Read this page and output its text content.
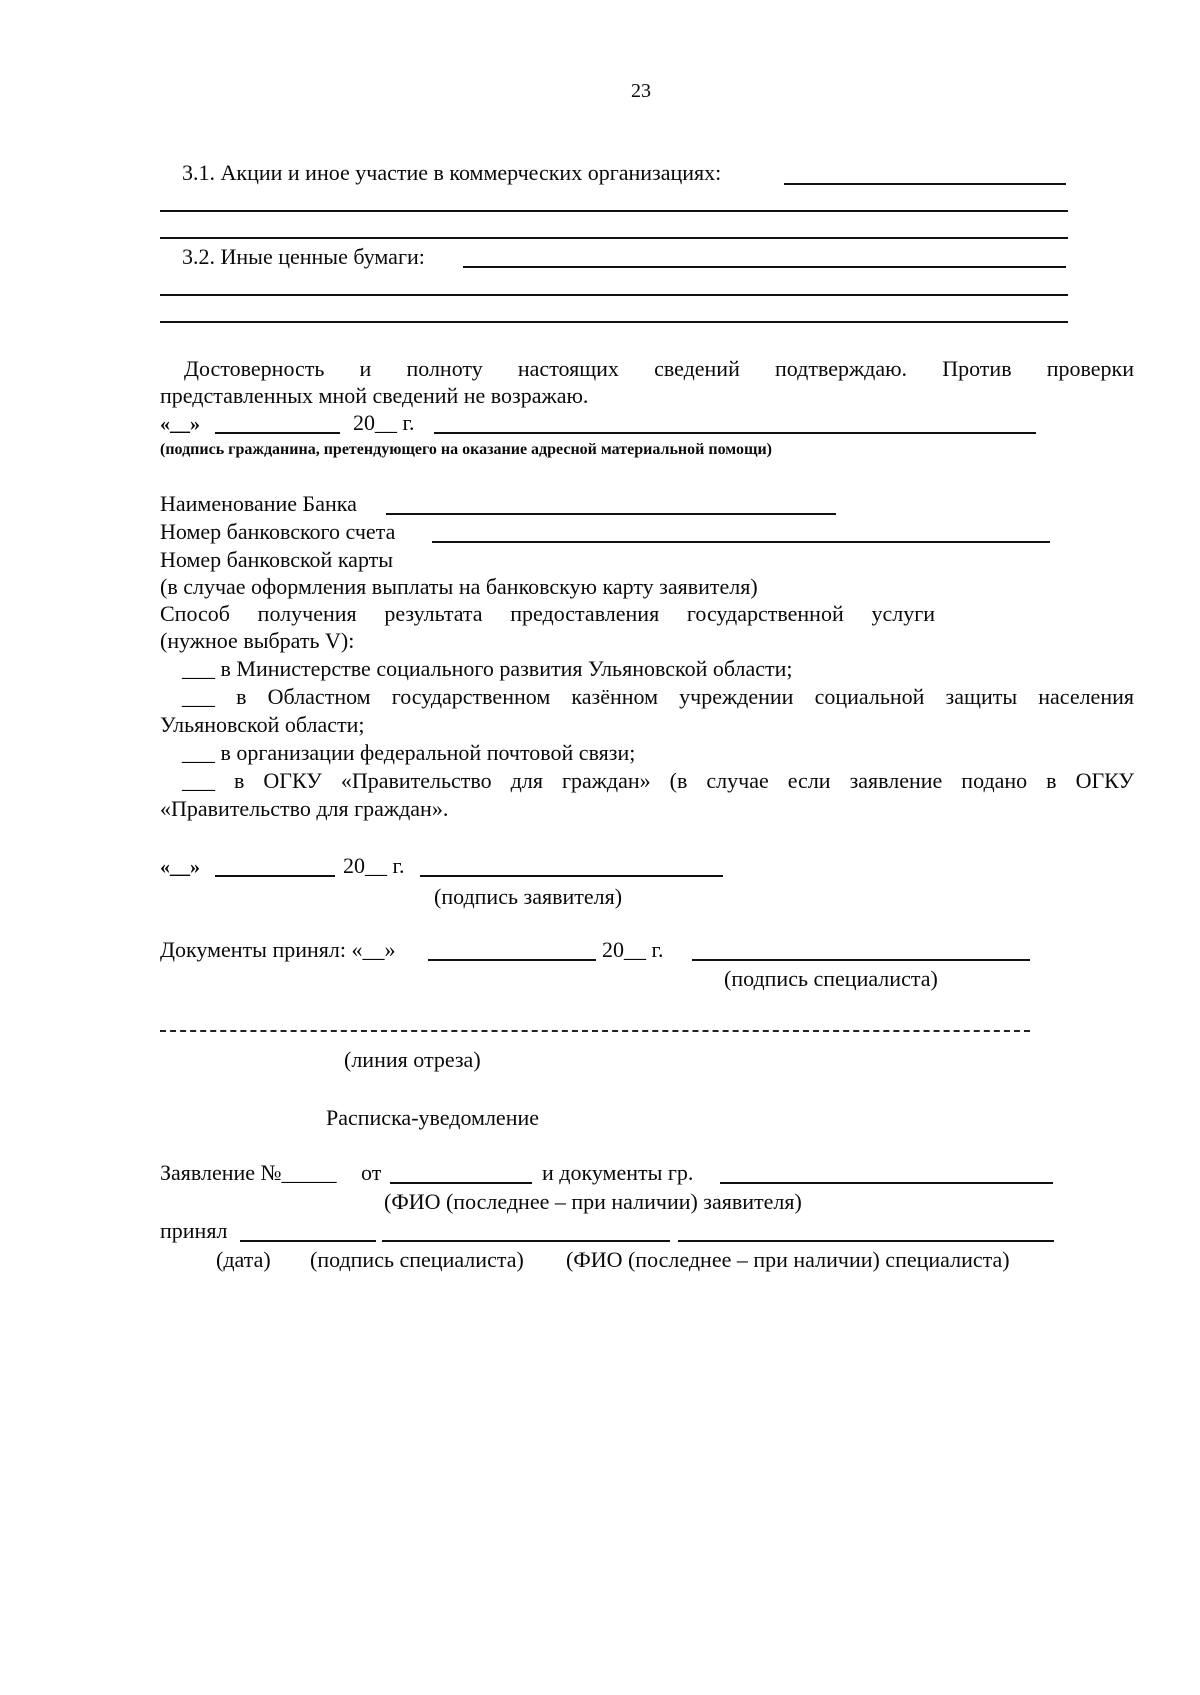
23
3.1. Акции и иное участие в коммерческих организациях:
3.2. Иные ценные бумаги:
Достоверность и полноту настоящих сведений подтверждаю. Против проверки
представленных мной сведений не возражаю.
«__»	20__ г.
(подпись гражданина, претендующего на оказание адресной материальной помощи)
Наименование Банка
Номер банковского счета
Номер банковской карты
(в случае оформления выплаты на банковскую карту заявителя)
Способ получения результата предоставления государственной услуги
(нужное выбрать V):
___ в Министерстве социального развития Ульяновской области;
___ в Областном государственном казённом учреждении социальной защиты населения
Ульяновской области;
___ в организации федеральной почтовой связи;
___ в ОГКУ «Правительство для граждан» (в случае если заявление подано в ОГКУ
«Правительство для граждан».
«__»	20__ г.
(подпись заявителя)
Документы принял: «__»	20__ г.
(подпись специалиста)
(линия отреза)
Расписка-уведомление
Заявление №_____ от	и документы гр.
(ФИО (последнее – при наличии) заявителя)
принял
(дата) (подпись специалиста) (ФИО (последнее – при наличии) специалиста)
